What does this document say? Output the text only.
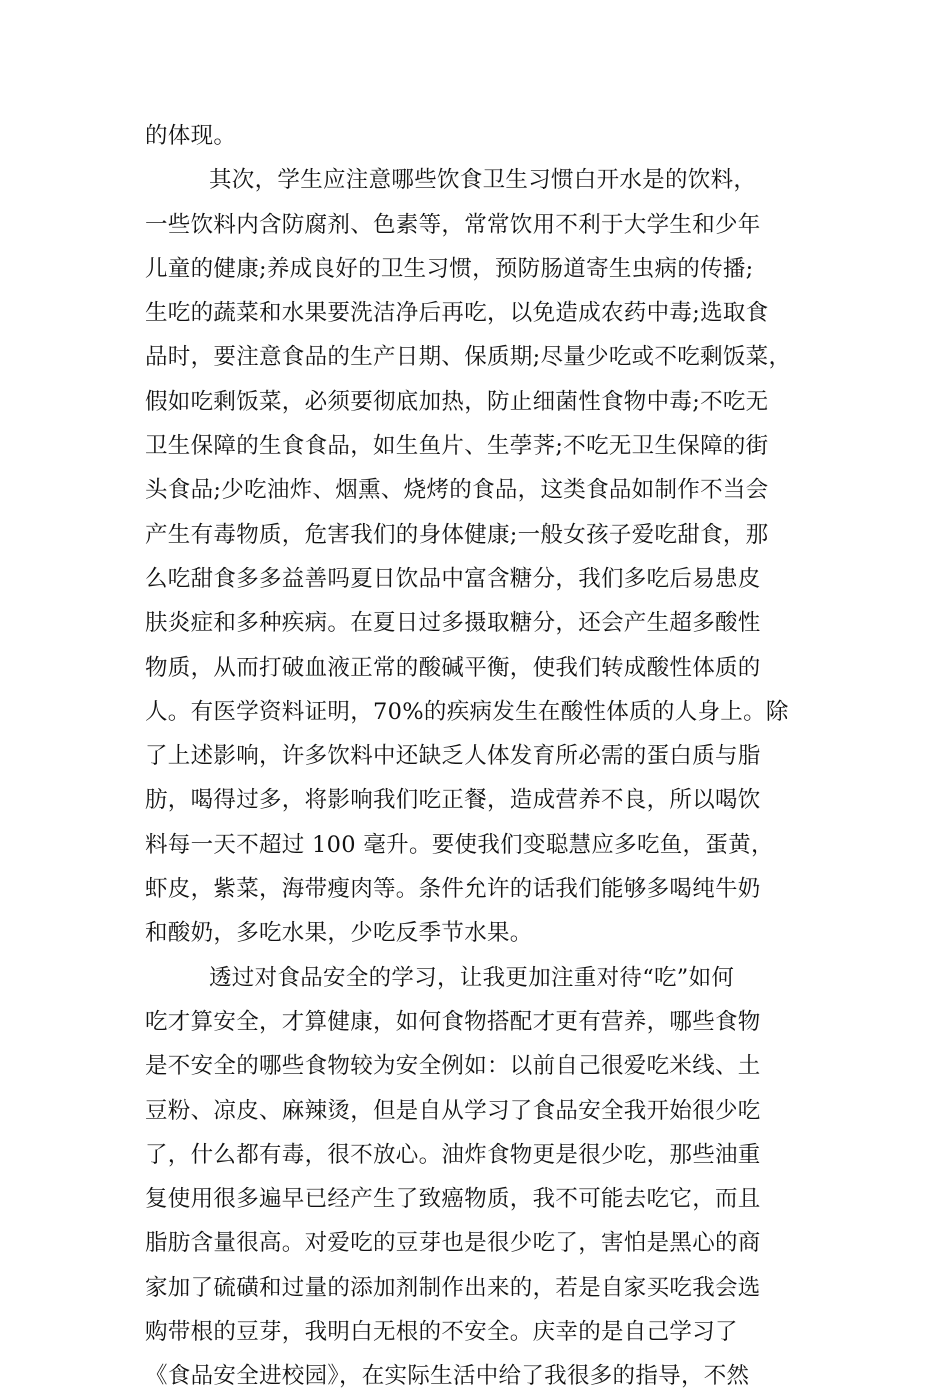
的体现。
其次，学生应注意哪些饮食卫生习惯白开水是的饮料，
一些饮料内含防腐剂、色素等，常常饮用不利于大学生和少年
儿童的健康;养成良好的卫生习惯，预防肠道寄生虫病的传播;
生吃的蔬菜和水果要洗洁净后再吃，以免造成农药中毒;选取食
品时，要注意食品的生产日期、保质期;尽量少吃或不吃剩饭菜，
假如吃剩饭菜，必须要彻底加热，防止细菌性食物中毒;不吃无
卫生保障的生食食品，如生鱼片、生荸荠;不吃无卫生保障的街
头食品;少吃油炸、烟熏、烧烤的食品，这类食品如制作不当会
产生有毒物质，危害我们的身体健康;一般女孩子爱吃甜食，那
么吃甜食多多益善吗夏日饮品中富含糖分，我们多吃后易患皮
肤炎症和多种疾病。在夏日过多摄取糖分，还会产生超多酸性
物质，从而打破血液正常的酸碱平衡，使我们转成酸性体质的
人。有医学资料证明，70%的疾病发生在酸性体质的人身上。除
了上述影响，许多饮料中还缺乏人体发育所必需的蛋白质与脂
肪，喝得过多，将影响我们吃正餐，造成营养不良，所以喝饮
料每一天不超过 100 毫升。要使我们变聪慧应多吃鱼，蛋黄，
虾皮，紫菜，海带瘦肉等。条件允许的话我们能够多喝纯牛奶
和酸奶，多吃水果，少吃反季节水果。
透过对食品安全的学习，让我更加注重对待“吃”如何
吃才算安全，才算健康，如何食物搭配才更有营养，哪些食物
是不安全的哪些食物较为安全例如：以前自己很爱吃米线、土
豆粉、凉皮、麻辣烫，但是自从学习了食品安全我开始很少吃
了，什么都有毒，很不放心。油炸食物更是很少吃，那些油重
复使用很多遍早已经产生了致癌物质，我不可能去吃它，而且
脂肪含量很高。对爱吃的豆芽也是很少吃了，害怕是黑心的商
家加了硫磺和过量的添加剂制作出来的，若是自家买吃我会选
购带根的豆芽，我明白无根的不安全。庆幸的是自己学习了
《食品安全进校园》，在实际生活中给了我很多的指导，不然
